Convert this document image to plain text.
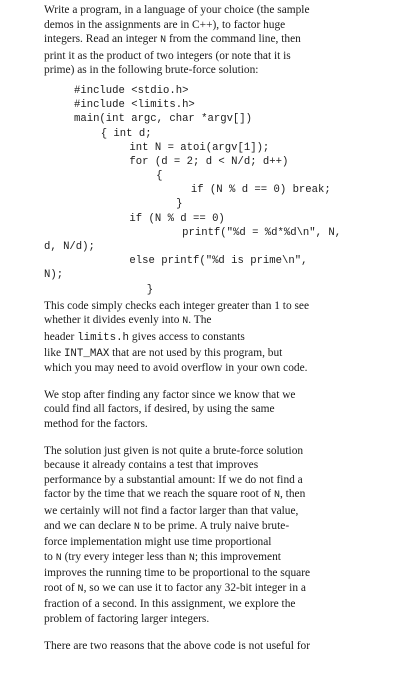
Write a program, in a language of your choice (the sample
demos in the assignments are in C++), to factor huge
integers. Read an integer N from the command line, then
print it as the product of two integers (or note that it is
prime) as in the following brute-force solution:
#include <stdio.h>
#include <limits.h>
main(int argc, char *argv[])
{ int d;
int N = atoi(argv[1]);
for (d = 2; d < N/d; d++)
{
if (N % d == 0) break;
}
if (N % d == 0)
printf("%d = %d*%d\n", N,
d, N/d);
else printf("%d is prime\n",
N);
}
This code simply checks each integer greater than 1 to see
whether it divides evenly into N. The
header limits.h gives access to constants
like INT_MAX that are not used by this program, but
which you may need to avoid overflow in your own code.
We stop after finding any factor since we know that we
could find all factors, if desired, by using the same
method for the factors.
The solution just given is not quite a brute-force solution
because it already contains a test that improves
performance by a substantial amount: If we do not find a
factor by the time that we reach the square root of N, then
we certainly will not find a factor larger than that value,
and we can declare N to be prime. A truly naive brute-
force implementation might use time proportional
to N (try every integer less than N; this improvement
improves the running time to be proportional to the square
root of N, so we can use it to factor any 32-bit integer in a
fraction of a second. In this assignment, we explore the
problem of factoring larger integers.
There are two reasons that the above code is not useful for
